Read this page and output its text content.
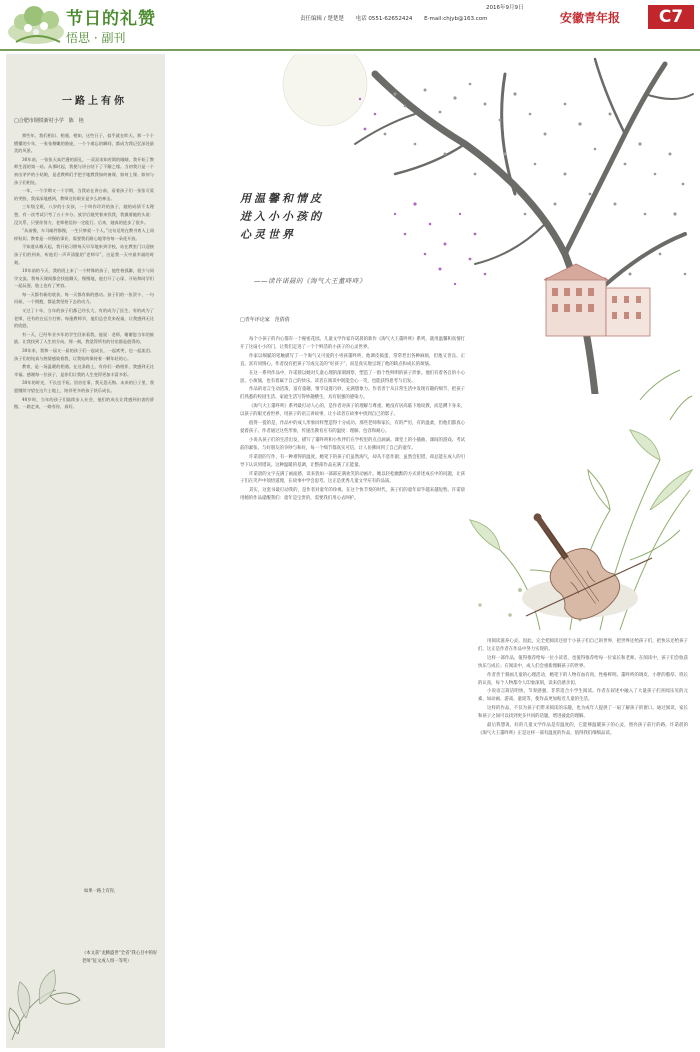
节日的礼赞
悟思 · 副刊
2016年9月9日
责任编辑 / 楚楚楚 电话 0551-62652424 E-mail:chjyb@163.com	安徽青年报	C7
一路上有你
□合肥市钢铁新村小学　陈　艳

那些年，我们相识、相遇、相知，这些日子，似乎就在昨天。那一个个懵懂的少年，一张张稚嫩的脸庞，一个个难忘的瞬间，都成为我记忆深处最美的风景。

30年前，一张张天真烂漫的面孔，一双双求知若渴的眼睛，我开始了教师生涯的第一站。从那时起，我便与讲台结下了不解之缘。当初我只是一个初出茅庐的小姑娘，是老教师们手把手地教我如何备课、如何上课、如何与孩子们相处。

一年，一个学期又一个学期，当我站在讲台前，看着孩子们一张张可爱的笑脸，我深深地感到，教师这份职业是多么的神圣。

三年级全班，八岁的小女孩，一个叫作玲玲的孩子，她的成绩不太理想，有一次考试只考了五十多分。放学后她哭着来找我，我摸着她的头说：没关系，只要你努力，老师相信你一定能行。后来，她真的进步了很多。

“从前慢，车马邮件都慢，一生只够爱一个人。”这句话用在教书育人上同样贴切。教育是一项慢的事业，需要我们耐心地等待每一朵花开放。

不知道从哪天起，我开始习惯每天早早地来到学校，站在教室门口迎接孩子们的到来，听他们一声声清脆的“老师早”，这是我一天中最幸福的时刻。

10年前的今天，我的班上来了一个特殊的孩子，他性格孤僻，很少与同学交流。我每天课间都会找他聊天，慢慢地，他打开了心扉，开始和同学们一起玩耍，脸上也有了笑容。

每一天都有新的收获，每一天都有新的感动。孩子们的一张贺卡、一句问候、一个拥抱，都是我坚持下去的动力。

又过了十年，当年的孩子们都已经长大，有的成为了医生，有的成为了老师，还有的在远方打拼。每逢教师节，他们总会发来祝福，让我感到无比的欣慰。

有一天，已经毕业多年的学生回来看我，他说：老师，谢谢您当年的鼓励，让我找到了人生的方向。那一刻，我觉得所有的付出都是值得的。

30年来，我和一届又一届的孩子们一起成长，一起欢笑，也一起流泪。孩子们的纯真与热情感染着我，让我始终保持着一颗年轻的心。

教育，是一场温暖的相遇。在这条路上，有你们一路相伴，我感到无比幸福。感谢每一位孩子，是你们让我的人生变得更加丰富多彩。

30年的时光，不长也不短。回首往事，我无怨无悔。未来的日子里，我愿继续守望在这片土地上，陪伴更多的孩子快乐成长。

40岁时，当年的孩子们陆续步入社会，他们的成长让我感到由衷的骄傲，一路走来，一路有你，真好。

如果一路上有你，

（本文获“龙腾盛世”全省“我心目中的好老师”征文成人组一等奖）
用温馨和情皮
进入小小孩的
心灵世界
——读许诺晨的《淘气大王董咚咚》
□青年评论家　范倩倩

每个小孩子的内心都有一个秘密花园。儿童文学作家许诺晨的新作《淘气大王董咚咚》系列，就用温馨和真情打开了这扇小小的门，让我们走进了一个个鲜活的小孩子的心灵世界。

作家以细腻的笔触描写了一个淘气又可爱的小男孩董咚咚，他调皮捣蛋，常常惹出各种麻烦，但他又善良、正直、富有同情心。作者没有把孩子写成完美的“好孩子”，而是真实地呈现了他的缺点和成长的烦恼。

在这一系列作品中，许诺晨以她对儿童心理的深刻洞察，塑造了一群个性鲜明的孩子形象。他们有着各自的小心思、小烦恼，也有着属于自己的快乐。读者在阅读中既能会心一笑，也能获得思考与启发。

作品的语言生动活泼，富有童趣，情节设置巧妙，充满想象力。作者善于从日常生活中发现有趣的细节，把孩子们熟悉的校园生活、家庭生活写得妙趣横生，具有很强的感染力。

《淘气大王董咚咚》系列最打动人心的，是作者对孩子的理解与尊重。她没有居高临下地说教，而是蹲下身来，以孩子的眼光看世界，用孩子的语言讲故事，让小读者在故事中找到自己的影子。

值得一提的是，作品中的成人形象同样塑造得十分成功。那些老师和家长，有的严厉，有的温柔，但他们都真心爱着孩子。作者通过这些形象，传递出教育应有的温度：理解、包容和耐心。

小说从孩子们的生活出发，描写了董咚咚和小伙伴们在学校里的点点滴滴。课堂上的小插曲、课间的游戏、考试前的紧张、与好朋友的争吵与和好，每一个细节都真实可信，让人仿佛回到了自己的童年。

许诺晨的写作，有一种难得的温度。她笔下的孩子们虽然淘气，却从不恶作剧；虽然会犯错，却总能在成人的引导下认识到错误。这种温暖的基调，让整部作品充满了正能量。

许诺晨的文字充满了画面感，读来犹如一部部充满欢笑的动画片。她以轻松幽默的方式讲述成长中的问题，让孩子们在笑声中领悟道理，在故事中学会思考。这正是优秀儿童文学应有的品质。

其实，这套书最打动我的，是作者对童年的珍视。在这个快节奏的时代，孩子们的童年似乎越来越短暂。许诺晨用她的作品提醒我们：童年是宝贵的，需要我们用心去呵护。

用阅读滋养心灵。因此，完全把阅读还原于小孩子们自己的世界，把世界还给孩子们，把快乐还给孩子们，这正是作者在作品中努力实现的。

这样一部作品，值得推荐给每一位小读者，也值得推荐给每一位家长和老师。在阅读中，孩子们会收获快乐与成长；在阅读中，成人们会重新理解孩子的世界。

作者善于刻画儿童的心理活动，她笔下的人物有血有肉，性格鲜明。董咚咚的调皮、小胖的憨厚、班长的认真，每个人物都令人印象深刻，读来倍感亲切。

小说语言简洁明快，节奏感强，非常适合小学生阅读。作者在叙述中融入了大量孩子们喜闻乐见的元素，如动画、游戏、童谣等，使作品更加贴近儿童的生活。

这样的作品，不仅为孩子们带来阅读的乐趣，也为成年人提供了一扇了解孩子的窗口。通过阅读，家长和孩子之间可以找到更多共同的话题，增进彼此的理解。

最后我想说，好的儿童文学作品是有温度的，它能够温暖孩子的心灵，照亮孩子前行的路。许诺晨的《淘气大王董咚咚》正是这样一部有温度的作品，值得我们细细品读。
